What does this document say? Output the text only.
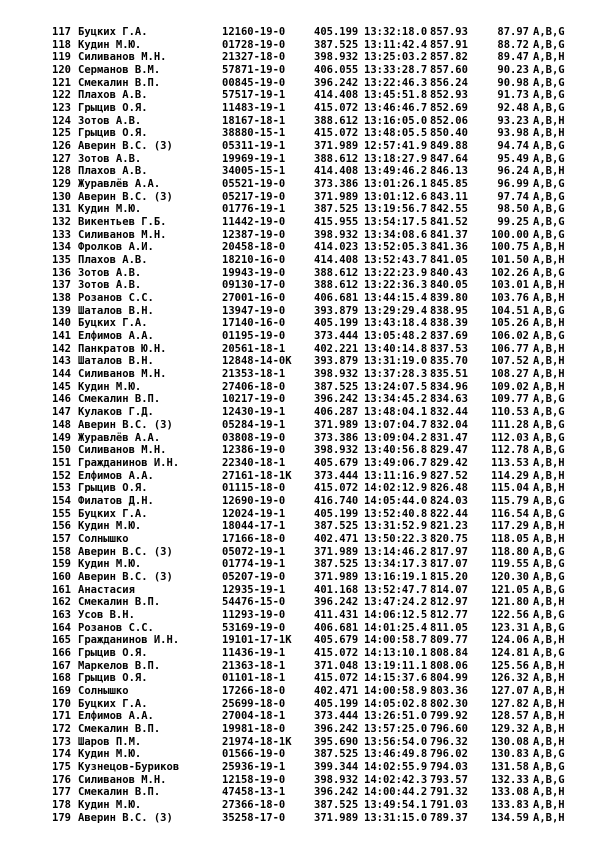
117 Буцких Г.А.	12160-19-0	405.199 13:32:18.0 857.93	87.97 A,B,G
118 Кудин М.Ю.	01728-19-0	387.525 13:11:42.4 857.91	88.72 A,B,G
119 Силиванов М.Н.	21327-18-0	398.932 13:25:03.2 857.82	89.47 A,B,H
120 Серманов В.М.	57871-19-0	406.055 13:33:28.7 857.60	90.23 A,B,G
121 Смекалин В.П.	00845-19-0	396.242 13:22:46.3 856.24	90.98 A,B,G
122 Плахов А.В.	57517-19-1	414.408 13:45:51.8 852.93	91.73 A,B,G
123 Грыцив О.Я.	11483-19-1	415.072 13:46:46.7 852.69	92.48 A,B,G
124 Зотов А.В.	18167-18-1	388.612 13:16:05.0 852.06	93.23 A,B,H
125 Грыцив О.Я.	38880-15-1	415.072 13:48:05.5 850.40	93.98 A,B,H
126 Аверин В.С. (З)	05311-19-1	371.989 12:57:41.9 849.88	94.74 A,B,G
127 Зотов А.В.	19969-19-1	388.612 13:18:27.9 847.64	95.49 A,B,G
128 Плахов А.В.	34005-15-1	414.408 13:49:46.2 846.13	96.24 A,B,H
129 Журавлёв А.А.	05521-19-0	373.386 13:01:26.1 845.85	96.99 A,B,G
130 Аверин В.С. (З)	05217-19-0	371.989 13:01:12.6 843.11	97.74 A,B,G
131 Кудин М.Ю.	01776-19-1	387.525 13:19:56.7 842.55	98.50 A,B,G
132 Викентьев Г.Б.	11442-19-0	415.955 13:54:17.5 841.52	99.25 A,B,G
133 Силиванов М.Н.	12387-19-0	398.932 13:34:08.6 841.37	100.00 A,B,G
134 Фролков А.И.	20458-18-0	414.023 13:52:05.3 841.36	100.75 A,B,H
135 Плахов А.В.	18210-16-0	414.408 13:52:43.7 841.05	101.50 A,B,H
136 Зотов А.В.	19943-19-0	388.612 13:22:23.9 840.43	102.26 A,B,G
137 Зотов А.В.	09130-17-0	388.612 13:22:36.3 840.05	103.01 A,B,H
138 Розанов С.С.	27001-16-0	406.681 13:44:15.4 839.80	103.76 A,B,H
139 Шаталов В.Н.	13947-19-0	393.879 13:29:29.4 838.95	104.51 A,B,G
140 Буцких Г.А.	17140-16-0	405.199 13:43:18.4 838.39	105.26 A,B,H
141 Елфимов А.А.	01195-19-0	373.444 13:05:48.2 837.69	106.02 A,B,G
142 Панкратов Ю.Н.	20561-18-1	402.221 13:40:14.8 837.53	106.77 A,B,H
143 Шаталов В.Н.	12848-14-0K 393.879 13:31:19.0 835.70	107.52 A,B,H
144 Силиванов М.Н.	21353-18-1	398.932 13:37:28.3 835.51	108.27 A,B,H
145 Кудин М.Ю.	27406-18-0	387.525 13:24:07.5 834.96	109.02 A,B,H
146 Смекалин В.П.	10217-19-0	396.242 13:34:45.2 834.63	109.77 A,B,G
147 Кулаков Г.Д.	12430-19-1	406.287 13:48:04.1 832.44	110.53 A,B,G
148 Аверин В.С. (З)	05284-19-1	371.989 13:07:04.7 832.04	111.28 A,B,G
149 Журавлёв А.А.	03808-19-0	373.386 13:09:04.2 831.47	112.03 A,B,G
150 Силиванов М.Н.	12386-19-0	398.932 13:40:56.8 829.47	112.78 A,B,G
151 Гражданинов И.Н.	22340-18-1	405.679 13:49:06.7 829.42	113.53 A,B,H
152 Елфимов А.А.	27161-18-1K 373.444 13:11:16.9 827.52	114.29 A,B,H
153 Грыцив О.Я.	01115-18-0	415.072 14:02:12.9 826.48	115.04 A,B,H
154 Филатов Д.Н.	12690-19-0	416.740 14:05:44.0 824.03	115.79 A,B,G
155 Буцких Г.А.	12024-19-1	405.199 13:52:40.8 822.44	116.54 A,B,G
156 Кудин М.Ю.	18044-17-1	387.525 13:31:52.9 821.23	117.29 A,B,H
157 Солнышко	17166-18-0	402.471 13:50:22.3 820.75	118.05 A,B,H
158 Аверин В.С. (З)	05072-19-1	371.989 13:14:46.2 817.97	118.80 A,B,G
159 Кудин М.Ю.	01774-19-1	387.525 13:34:17.3 817.07	119.55 A,B,G
160 Аверин В.С. (З)	05207-19-0	371.989 13:16:19.1 815.20	120.30 A,B,G
161 Анастасия	12935-19-1	401.168 13:52:47.7 814.07	121.05 A,B,G
162 Смекалин В.П.	54476-15-0	396.242 13:47:24.2 812.97	121.80 A,B,H
163 Усов В.Н.	11293-19-0	411.431 14:06:12.5 812.77	122.56 A,B,G
164 Розанов С.С.	53169-19-0	406.681 14:01:25.4 811.05	123.31 A,B,G
165 Гражданинов И.Н.	19101-17-1K 405.679 14:00:58.7 809.77	124.06 A,B,H
166 Грыцив О.Я.	11436-19-1	415.072 14:13:10.1 808.84	124.81 A,B,G
167 Маркелов В.П.	21363-18-1	371.048 13:19:11.1 808.06	125.56 A,B,H
168 Грыцив О.Я.	01101-18-1	415.072 14:15:37.6 804.99	126.32 A,B,H
169 Солнышко	17266-18-0	402.471 14:00:58.9 803.36	127.07 A,B,H
170 Буцких Г.А.	25699-18-0	405.199 14:05:02.8 802.30	127.82 A,B,H
171 Елфимов А.А.	27004-18-1	373.444 13:26:51.0 799.92	128.57 A,B,H
172 Смекалин В.П.	19981-18-0	396.242 13:57:25.0 796.60	129.32 A,B,H
173 Шаров П.М.	21974-18-1K 395.690 13:56:54.0 796.32	130.08 A,B,H
174 Кудин М.Ю.	01566-19-0	387.525 13:46:49.8 796.02	130.83 A,B,G
175 Кузнецов-Буриков	25936-19-1	399.344 14:02:55.9 794.03	131.58 A,B,G
176 Силиванов М.Н.	12158-19-0	398.932 14:02:42.3 793.57	132.33 A,B,G
177 Смекалин В.П.	47458-13-1	396.242 14:00:44.2 791.32	133.08 A,B,H
178 Кудин М.Ю.	27366-18-0	387.525 13:49:54.1 791.03	133.83 A,B,H
179 Аверин В.С. (З)	35258-17-0	371.989 13:31:15.0 789.37	134.59 A,B,H
